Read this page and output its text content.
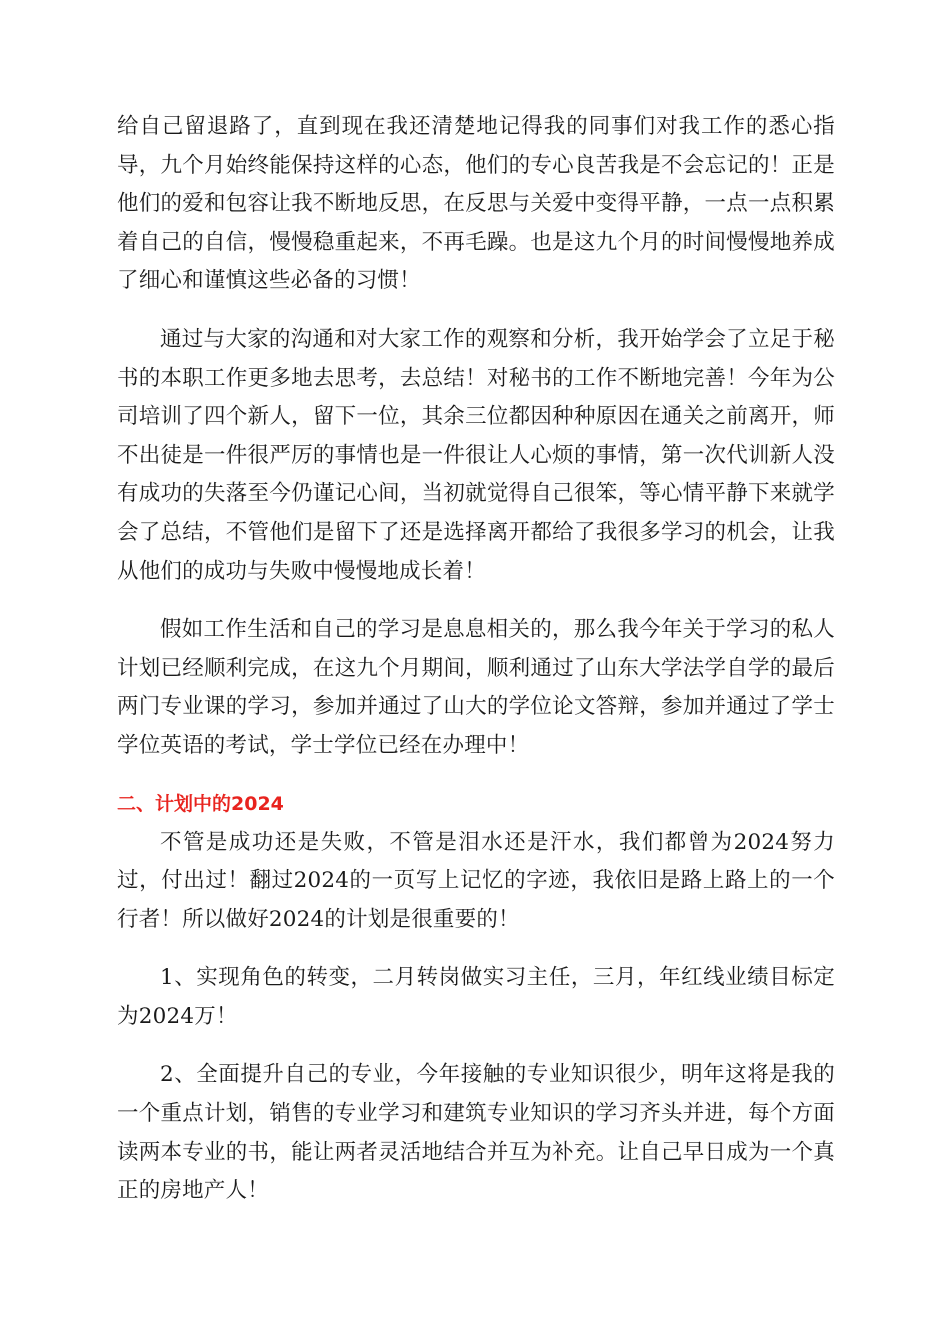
给自己留退路了，直到现在我还清楚地记得我的同事们对我工作的悉心指导，九个月始终能保持这样的心态，他们的专心良苦我是不会忘记的！正是他们的爱和包容让我不断地反思，在反思与关爱中变得平静，一点一点积累着自己的自信，慢慢稳重起来，不再毛躁。也是这九个月的时间慢慢地养成了细心和谨慎这些必备的习惯！

通过与大家的沟通和对大家工作的观察和分析，我开始学会了立足于秘书的本职工作更多地去思考，去总结！对秘书的工作不断地完善！今年为公司培训了四个新人，留下一位，其余三位都因种种原因在通关之前离开，师不出徒是一件很严厉的事情也是一件很让人心烦的事情，第一次代训新人没有成功的失落至今仍谨记心间，当初就觉得自己很笨，等心情平静下来就学会了总结，不管他们是留下了还是选择离开都给了我很多学习的机会，让我从他们的成功与失败中慢慢地成长着！

假如工作生活和自己的学习是息息相关的，那么我今年关于学习的私人计划已经顺利完成，在这九个月期间，顺利通过了山东大学法学自学的最后两门专业课的学习，参加并通过了山大的学位论文答辩，参加并通过了学士学位英语的考试，学士学位已经在办理中！

二、计划中的2024

不管是成功还是失败，不管是泪水还是汗水，我们都曾为2024努力过，付出过！翻过2024的一页写上记忆的字迹，我依旧是路上路上的一个行者！所以做好2024的计划是很重要的！

1、实现角色的转变，二月转岗做实习主任，三月，年红线业绩目标定为2024万！

2、全面提升自己的专业，今年接触的专业知识很少，明年这将是我的一个重点计划，销售的专业学习和建筑专业知识的学习齐头并进，每个方面读两本专业的书，能让两者灵活地结合并互为补充。让自己早日成为一个真正的房地产人！
